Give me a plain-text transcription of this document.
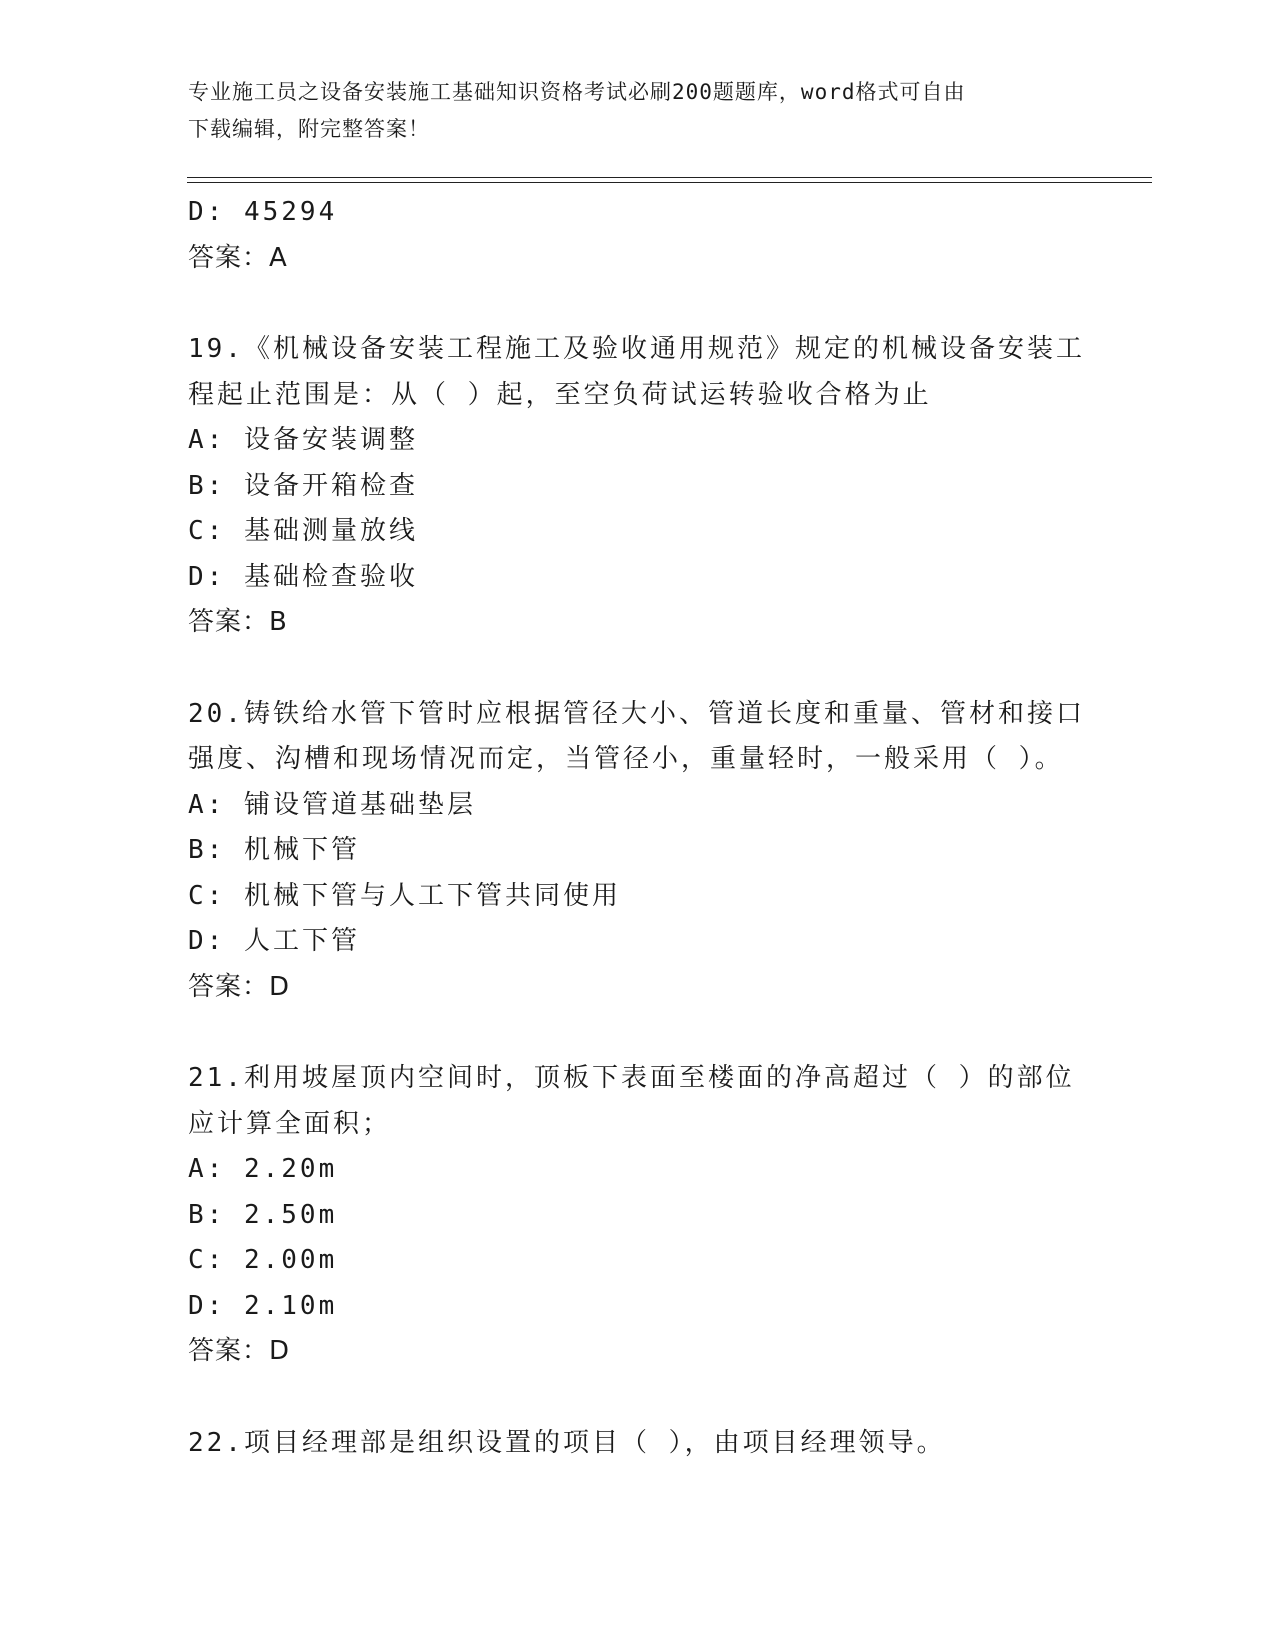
专业施工员之设备安装施工基础知识资格考试必刷200题题库，word格式可自由
下载编辑，附完整答案！
D: 45294
答案：A
19.《机械设备安装工程施工及验收通用规范》规定的机械设备安装工
程起止范围是：从（ ）起，至空负荷试运转验收合格为止
A: 设备安装调整
B: 设备开箱检查
C: 基础测量放线
D: 基础检查验收
答案：B
20.铸铁给水管下管时应根据管径大小、管道长度和重量、管材和接口
强度、沟槽和现场情况而定，当管径小，重量轻时，一般采用（ ）。
A: 铺设管道基础垫层
B: 机械下管
C: 机械下管与人工下管共同使用
D: 人工下管
答案：D
21.利用坡屋顶内空间时，顶板下表面至楼面的净高超过（ ）的部位
应计算全面积；
A: 2.20m
B: 2.50m
C: 2.00m
D: 2.10m
答案：D
22.项目经理部是组织设置的项目（ ），由项目经理领导。
